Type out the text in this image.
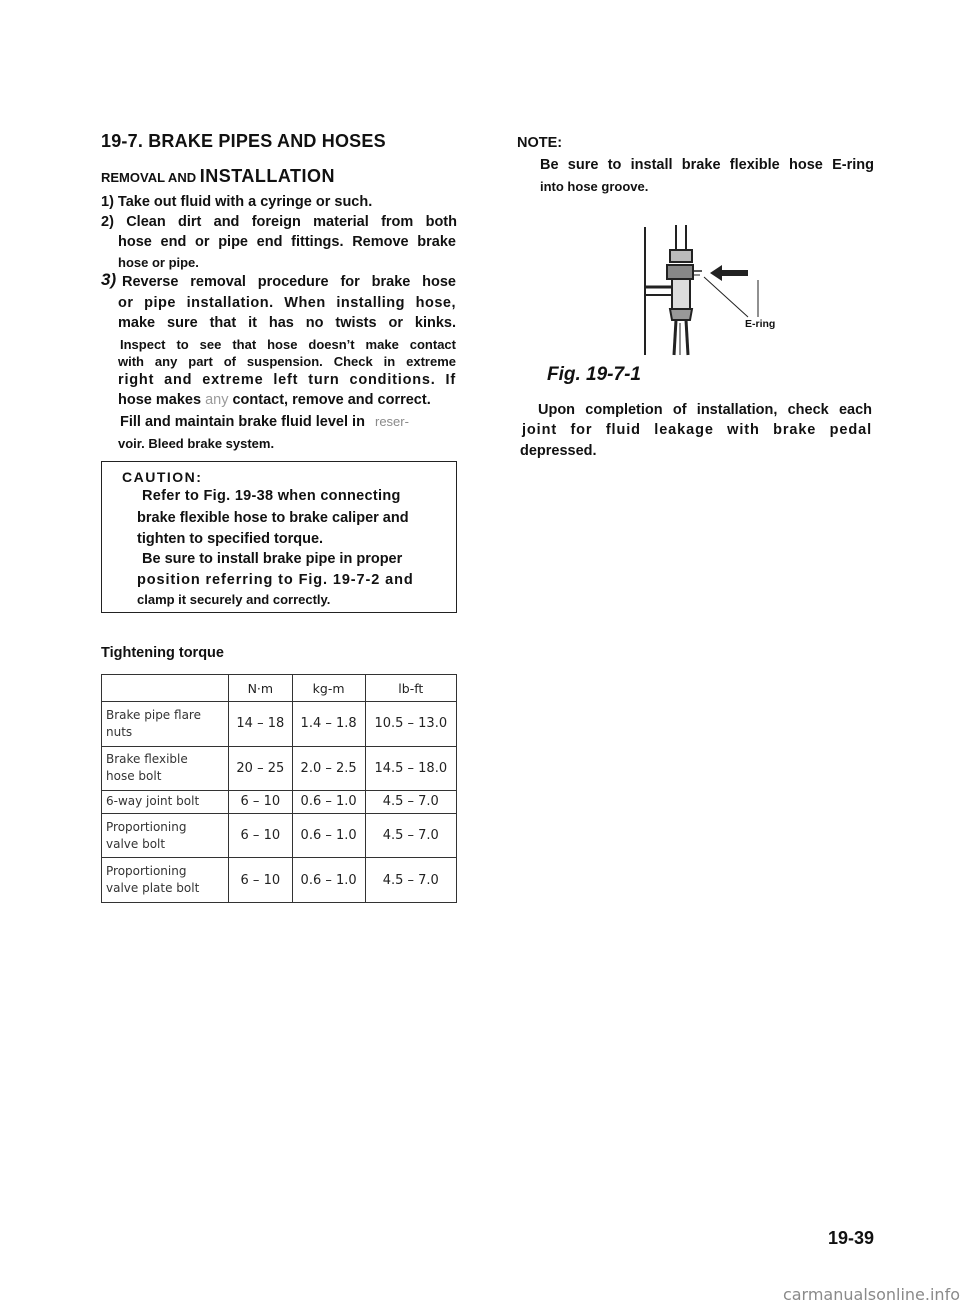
19-7. BRAKE PIPES AND HOSES
REMOVAL AND INSTALLATION
1) Take out fluid with a cyringe or such.
2) Clean dirt and foreign material from both
hose end or pipe end fittings. Remove brake
hose or pipe.
3) Reverse removal procedure for brake hose
or pipe installation. When installing hose,
make sure that it has no twists or kinks.
Inspect to see that hose doesn’t make contact
with any part of suspension. Check in extreme
right and extreme left turn conditions. If
hose makes any contact, remove and correct.
Fill and maintain brake fluid level in reser-
voir. Bleed brake system.
CAUTION:
Refer to Fig. 19-38 when connecting
brake flexible hose to brake caliper and
tighten to specified torque.
Be sure to install brake pipe in proper
position referring to Fig. 19-7-2 and
clamp it securely and correctly.
Tightening torque
	N·m	kg-m	lb-ft
Brake pipe flare
nuts	14 – 18	1.4 – 1.8	10.5 – 13.0
Brake flexible
hose bolt	20 – 25	2.0 – 2.5	14.5 – 18.0
6-way joint bolt	6 – 10	0.6 – 1.0	4.5 – 7.0
Proportioning
valve bolt	6 – 10	0.6 – 1.0	4.5 – 7.0
Proportioning
valve plate bolt	6 – 10	0.6 – 1.0	4.5 – 7.0
NOTE:
Be sure to install brake flexible hose E-ring
into hose groove.
E-ring
Fig. 19-7-1
Upon completion of installation, check each
joint for fluid leakage with brake pedal
depressed.
19-39
carmanualsonline.info
